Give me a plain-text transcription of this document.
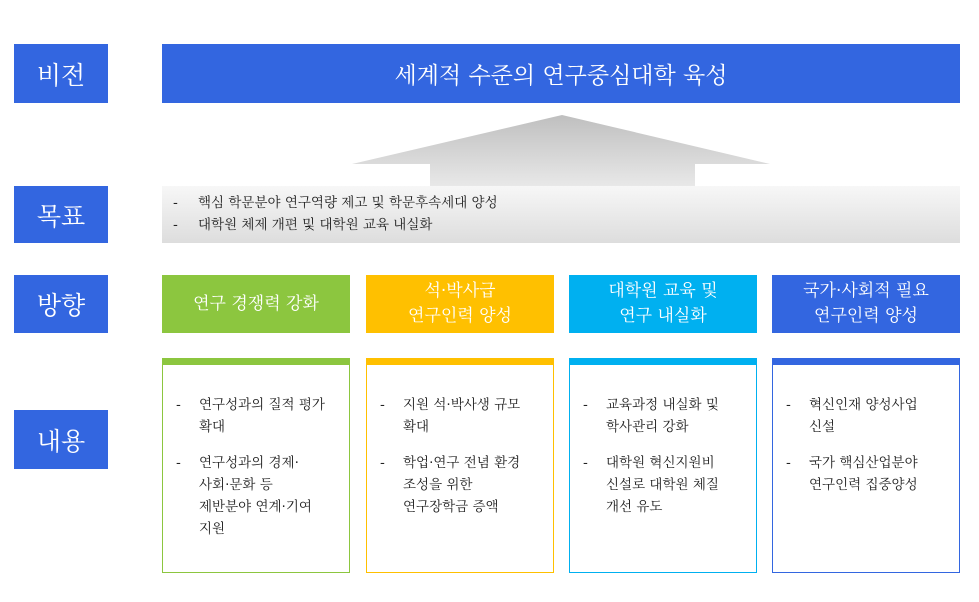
비전
목표
방향
내용
세계적 수준의 연구중심대학 육성
- 핵심 학문분야 연구역량 제고 및 학문후속세대 양성
- 대학원 체제 개편 및 대학원 교육 내실화
연구 경쟁력 강화
석·박사급
연구인력 양성
대학원 교육 및
연구 내실화
국가·사회적 필요
연구인력 양성
- 연구성과의 질적 평가
확대
- 연구성과의 경제·
사회·문화 등
제반분야 연계·기여
지원
- 지원 석·박사생 규모
확대
- 학업·연구 전념 환경
조성을 위한
연구장학금 증액
- 교육과정 내실화 및
학사관리 강화
- 대학원 혁신지원비
신설로 대학원 체질
개선 유도
- 혁신인재 양성사업
신설
- 국가 핵심산업분야
연구인력 집중양성
